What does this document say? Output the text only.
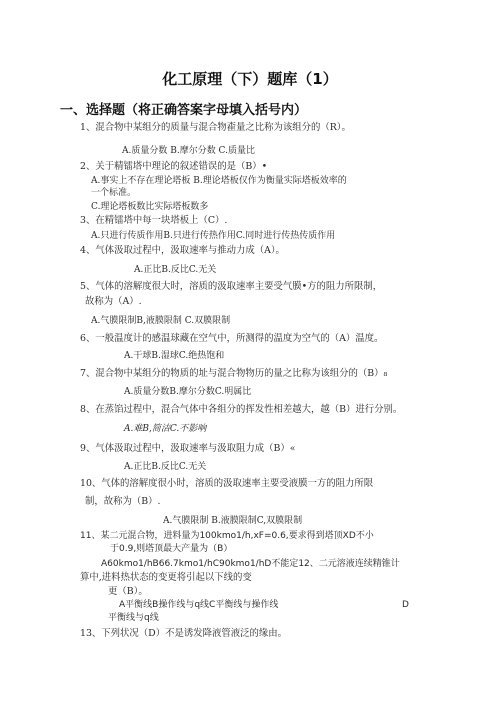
化工原理（下）题库（1）
一、选择题（将正确答案字母填入括号内）
1、混合物中某组分的质量与混合物㮅量之比称为该组分的（R）。
A.质量分数 B.摩尔分数 C.质量比
2、关于精镭塔中理论的叙述错误的是（B）•
A.事实上不存在理论塔板 B.理论塔板仅作为衡量实际塔板效率的
一个标准。
C.理论塔板数比实际塔板数多
3、在精镭塔中每一块塔板上（C）.
A.只进行传质作用B.只进行传热作用C.同时进行传热传质作用
4、气体汲取过程中，汲取速率与推动力成（A）。
A.正比B.反比C.无关
5、气体的溶解度很大时，溶质的汲取速率主要受气膜•方的阻力所限制，
故称为（A）.
A.气膜限制B,液膜限制 C.双膜限制
6、一般温度计的感温球藏在空气中，所测得的温度为空气的（A）温度。
A.干球B.湿球C.绝热饱和
7、混合物中某组分的物质的址与混合物物历的量之比称为该组分的（B）₈
A.质量分数B.摩尔分数C.明属比
8、在蒸馅过程中，混合气体中各组分的挥发性相差越大，越（B）进行分别。
A.难B,简洁C.不影响
9、气体汲取过程中，汲取速率与汲取阻力成（B）«
A.正比B.反比C.无关
10、气体的溶解度很小时，溶质的汲取速率主要受液膜一方的阻力所限
制，故称为（B）.
A.气膜限制 B.液膜限制C,双膜限制
11、某二元混合物，进料量为100kmo1/h,xF=0.6,要求得到塔顶XD不小
于0.9,则塔顶最大产量为（B）
A60kmo1/hB66.7kmo1/hC90kmo1/hD不能定12、二元溶液连续精锥计
算中,进料热状态的变更将引起以下线的变
更（B）。
A平衡线B操作线与q线C平衡线与操作线	D
平衡线与q线
13、下列状况（D）不是诱发降液管液泛的缘由。
